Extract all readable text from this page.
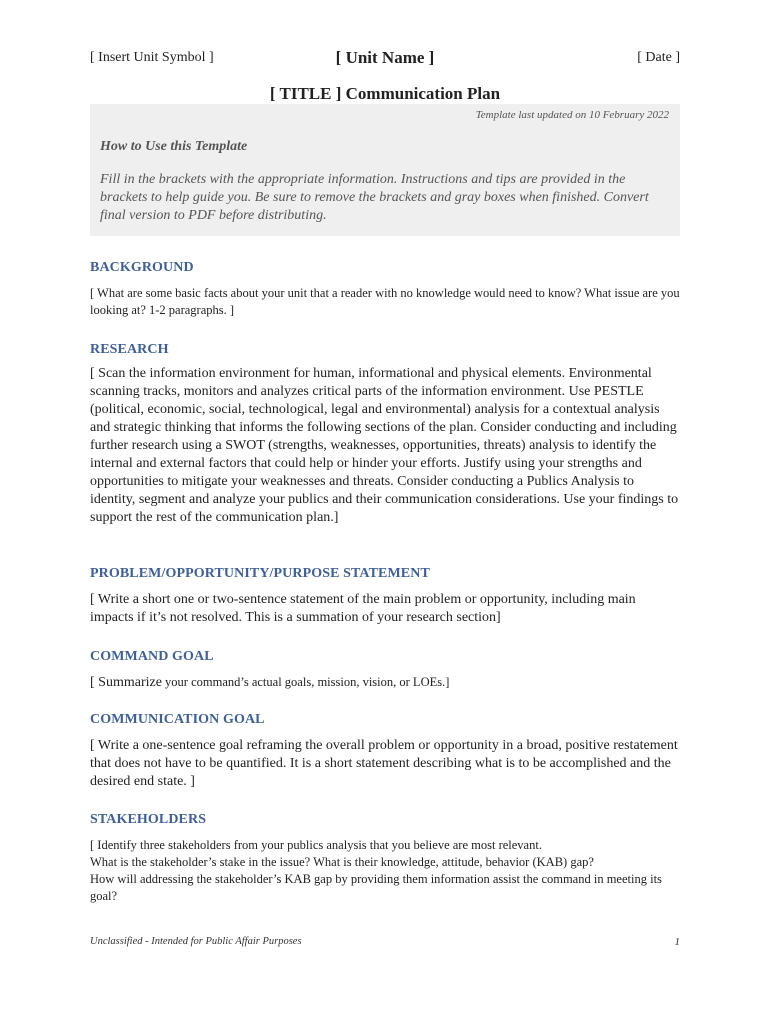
[ Insert Unit Symbol ]	[ Unit Name ]	[ Date ]
[ TITLE ] Communication Plan
Template last updated on 10 February 2022
How to Use this Template
Fill in the brackets with the appropriate information. Instructions and tips are provided in the brackets to help guide you. Be sure to remove the brackets and gray boxes when finished. Convert final version to PDF before distributing.
BACKGROUND
[ What are some basic facts about your unit that a reader with no knowledge would need to know? What issue are you looking at? 1-2 paragraphs. ]
RESEARCH
[ Scan the information environment for human, informational and physical elements. Environmental scanning tracks, monitors and analyzes critical parts of the information environment. Use PESTLE (political, economic, social, technological, legal and environmental) analysis for a contextual analysis and strategic thinking that informs the following sections of the plan. Consider conducting and including further research using a SWOT (strengths, weaknesses, opportunities, threats) analysis to identify the internal and external factors that could help or hinder your efforts. Justify using your strengths and opportunities to mitigate your weaknesses and threats. Consider conducting a Publics Analysis to identity, segment and analyze your publics and their communication considerations. Use your findings to support the rest of the communication plan.]
PROBLEM/OPPORTUNITY/PURPOSE STATEMENT
[ Write a short one or two-sentence statement of the main problem or opportunity, including main impacts if it’s not resolved. This is a summation of your research section]
COMMAND GOAL
[ Summarize your command’s actual goals, mission, vision, or LOEs.]
COMMUNICATION GOAL
[ Write a one-sentence goal reframing the overall problem or opportunity in a broad, positive restatement that does not have to be quantified. It is a short statement describing what is to be accomplished and the desired end state. ]
STAKEHOLDERS
[ Identify three stakeholders from your publics analysis that you believe are most relevant.
What is the stakeholder’s stake in the issue? What is their knowledge, attitude, behavior (KAB) gap?
How will addressing the stakeholder’s KAB gap by providing them information assist the command in meeting its goal?
Unclassified - Intended for Public Affair Purposes	1
